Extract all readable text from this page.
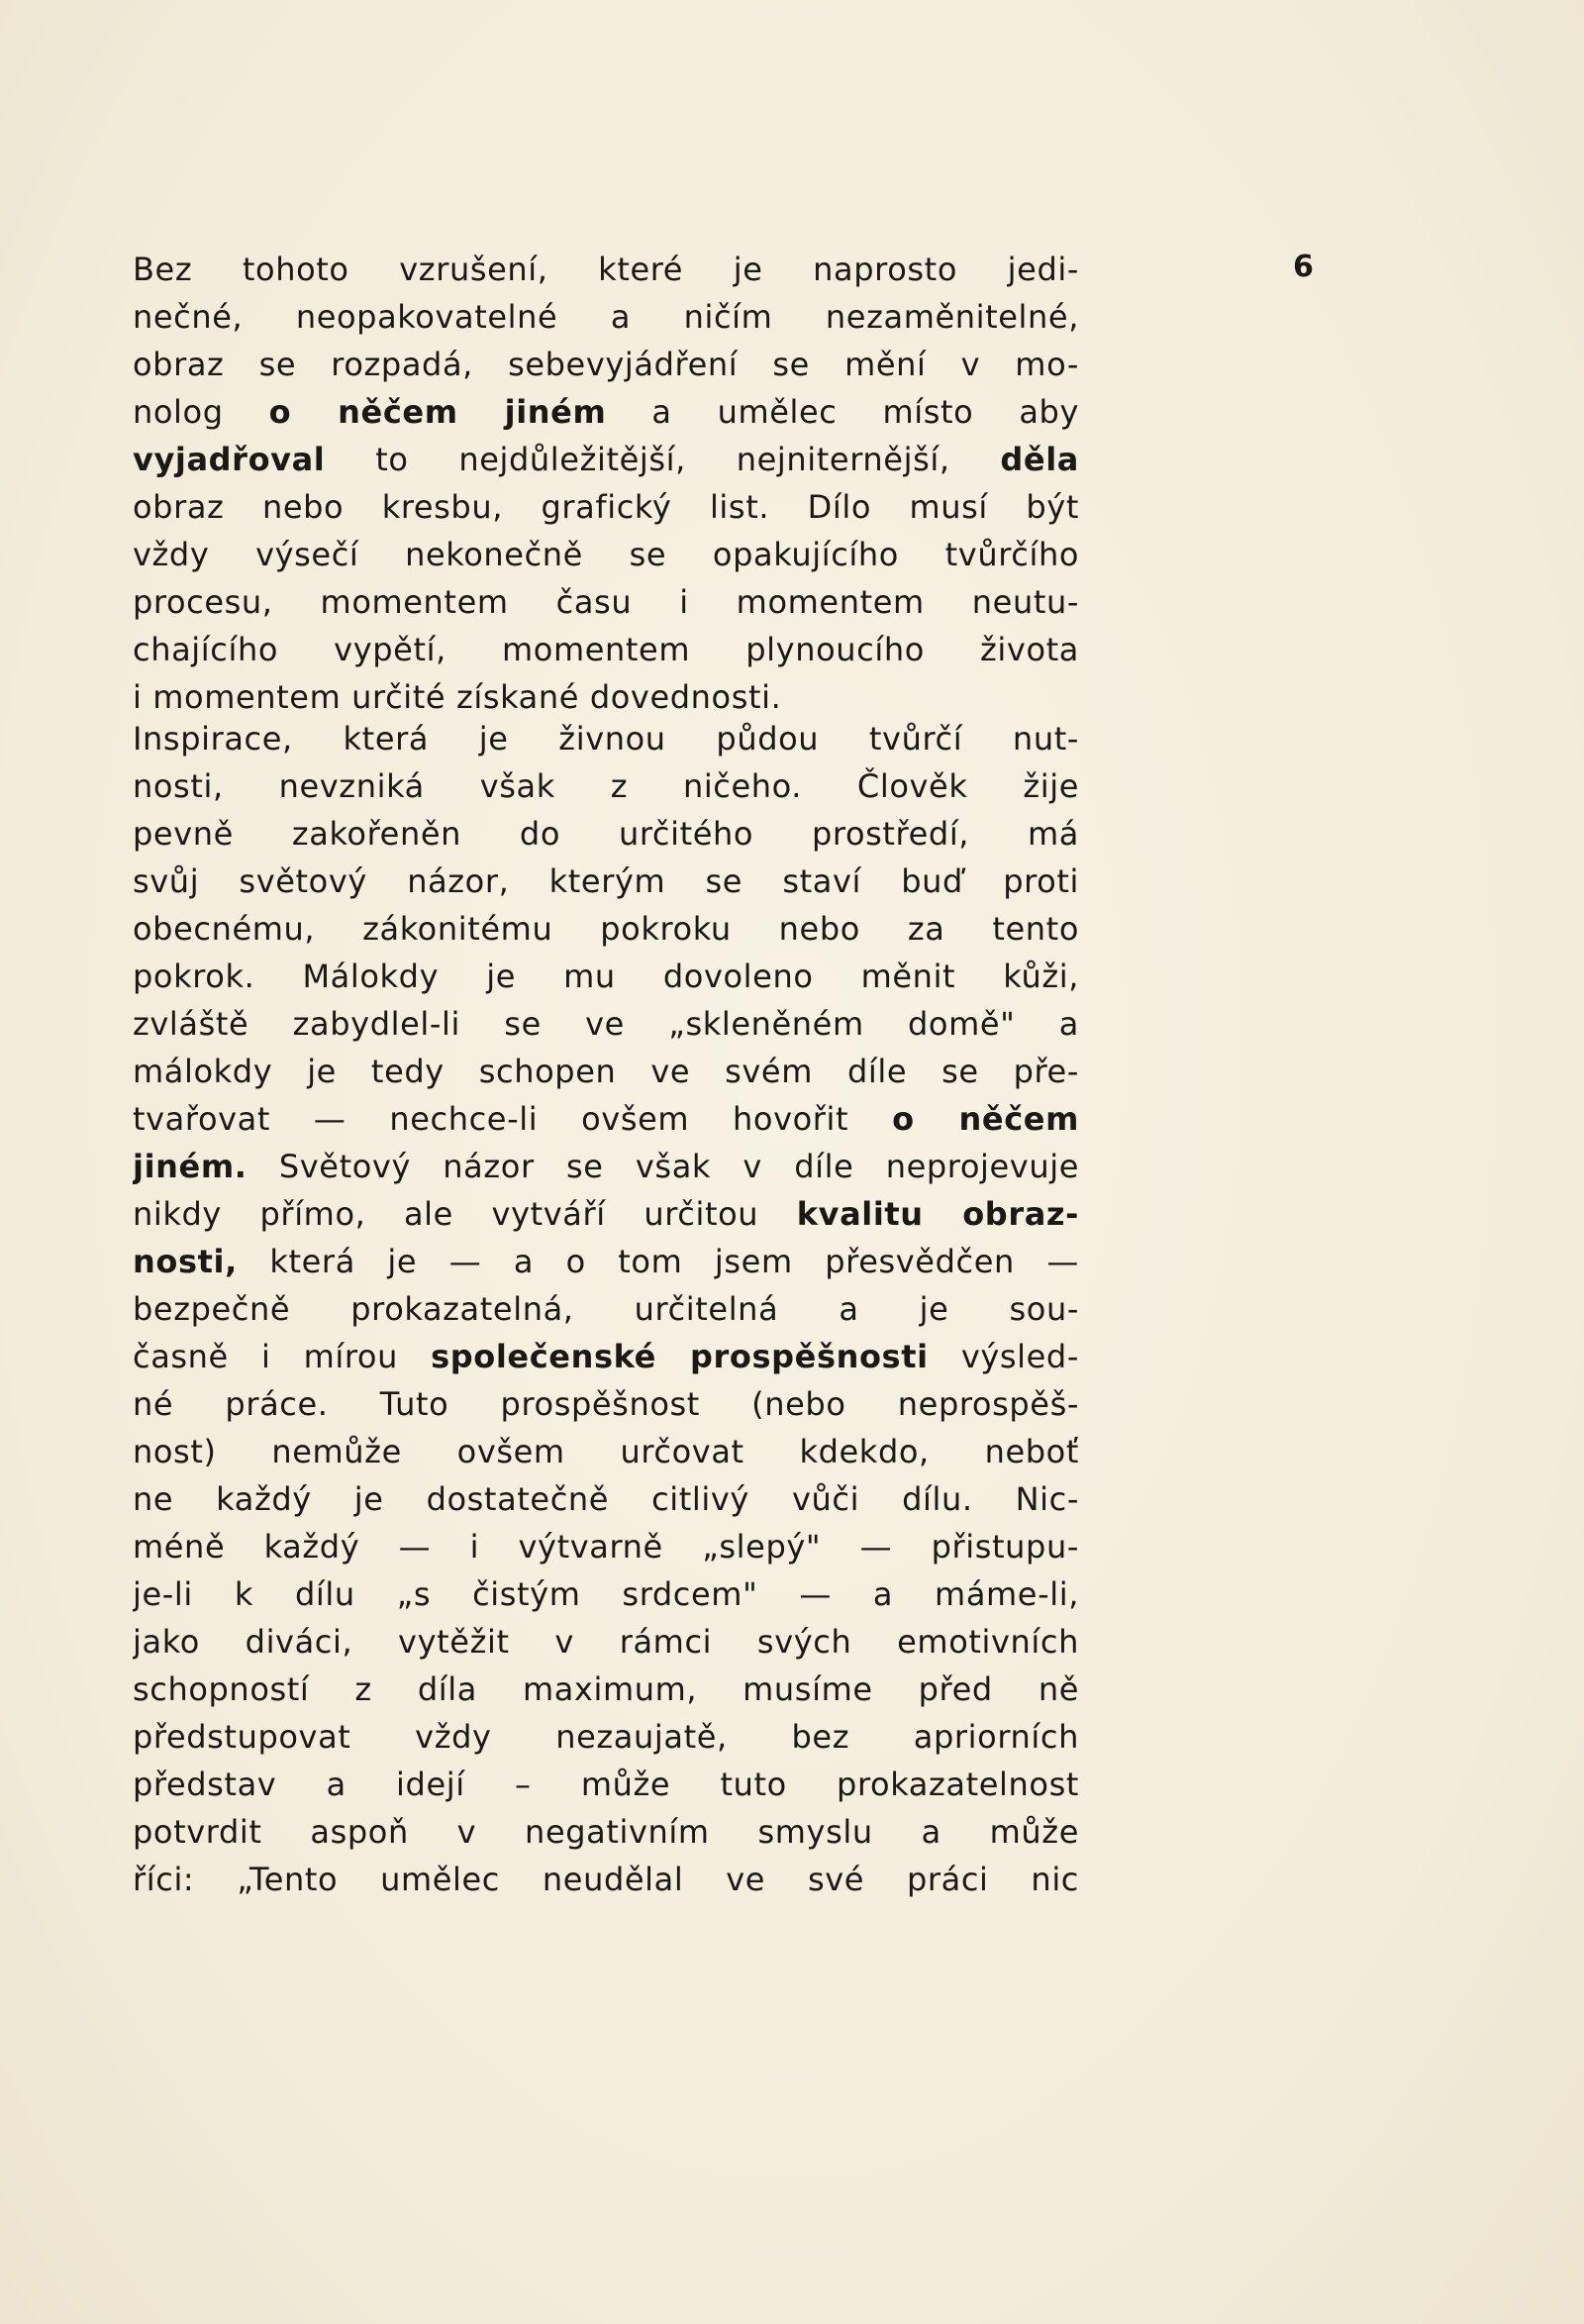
6
Bez tohoto vzrušení, které je naprosto jedi-
nečné, neopakovatelné a ničím nezaměnitelné,
obraz se rozpadá, sebevyjádření se mění v mo-
nolog o něčem jiném a umělec místo aby
vyjadřoval to nejdůležitější, nejniternější, děla
obraz nebo kresbu, grafický list. Dílo musí být
vždy výsečí nekonečně se opakujícího tvůrčího
procesu, momentem času i momentem neutu-
chajícího vypětí, momentem plynoucího života
i momentem určité získané dovednosti.
Inspirace, která je živnou půdou tvůrčí nut-
nosti, nevzniká však z ničeho. Člověk žije
pevně zakořeněn do určitého prostředí, má
svůj světový názor, kterým se staví buď proti
obecnému, zákonitému pokroku nebo za tento
pokrok. Málokdy je mu dovoleno měnit kůži,
zvláště zabydlel-li se ve „skleněném domě" a
málokdy je tedy schopen ve svém díle se pře-
tvařovat — nechce-li ovšem hovořit o něčem
jiném. Světový názor se však v díle neprojevuje
nikdy přímo, ale vytváří určitou kvalitu obraz-
nosti, která je — a o tom jsem přesvědčen —
bezpečně prokazatelná, určitelná a je sou-
časně i mírou společenské prospěšnosti výsled-
né práce. Tuto prospěšnost (nebo neprospěš-
nost) nemůže ovšem určovat kdekdo, neboť
ne každý je dostatečně citlivý vůči dílu. Nic-
méně každý — i výtvarně „slepý" — přistupu-
je-li k dílu „s čistým srdcem" — a máme-li,
jako diváci, vytěžit v rámci svých emotivních
schopností z díla maximum, musíme před ně
předstupovat vždy nezaujatě, bez apriorních
představ a idejí – může tuto prokazatelnost
potvrdit aspoň v negativním smyslu a může
říci: „Tento umělec neudělal ve své práci nic
